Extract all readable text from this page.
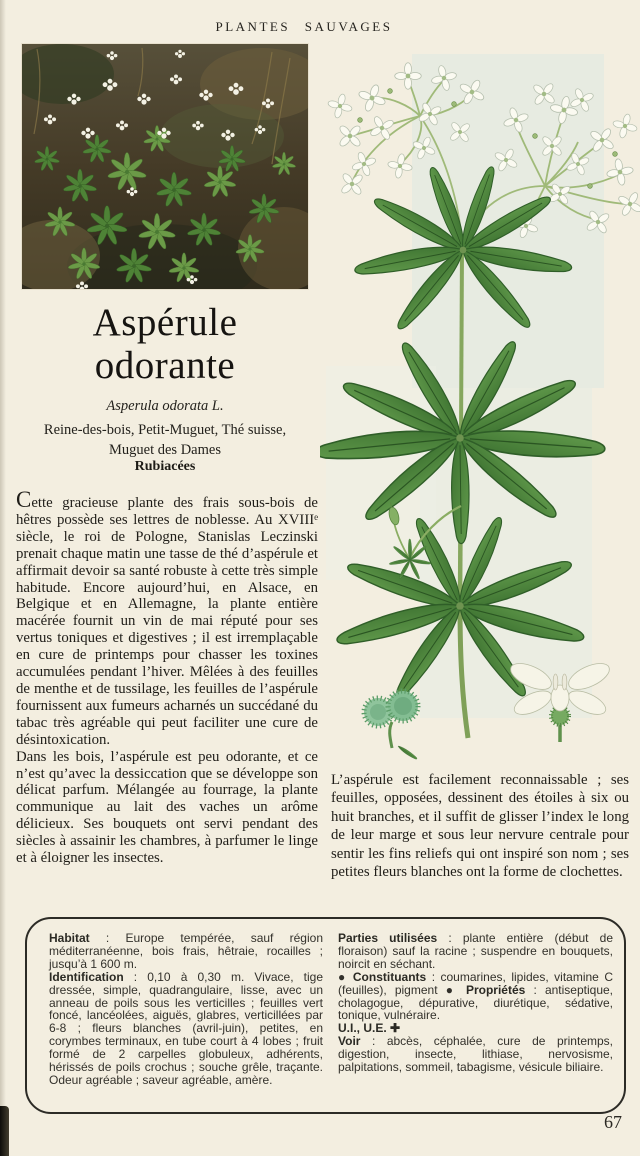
PLANTES SAUVAGES
Aspérule
odorante
Asperula odorata L.
Reine-des-bois, Petit-Muguet, Thé suisse,
Muguet des Dames
Rubiacées

Cette gracieuse plante des frais sous-bois de hêtres possède ses lettres de noblesse. Au XVIIIᵉ siècle, le roi de Pologne, Stanislas Leczinski prenait chaque matin une tasse de thé d’aspérule et affirmait devoir sa santé robuste à cette très simple habitude. Encore aujourd’hui, en Alsace, en Belgique et en Allemagne, la plante entière macérée fournit un vin de mai réputé pour ses vertus toniques et digestives ; il est irremplaçable en cure de printemps pour chasser les toxines accumulées pendant l’hiver. Mêlées à des feuilles de menthe et de tussilage, les feuilles de l’aspérule fournissent aux fumeurs acharnés un succédané du tabac très agréable qui peut faciliter une cure de désintoxication.

Dans les bois, l’aspérule est peu odorante, et ce n’est qu’avec la dessiccation que se développe son délicat parfum. Mélangée au fourrage, la plante communique au lait des vaches un arôme délicieux. Ses bouquets ont servi pendant des siècles à assainir les chambres, à parfumer le linge et à éloigner les insectes.

L’aspérule est facilement reconnaissable ; ses feuilles, opposées, dessinent des étoiles à six ou huit branches, et il suffit de glisser l’index le long de leur marge et sous leur nervure centrale pour sentir les fins reliefs qui ont inspiré son nom ; ses petites fleurs blanches ont la forme de clochettes.

Habitat : Europe tempérée, sauf région méditerranéenne, bois frais, hêtraie, rocailles ; jusqu’à 1 600 m.

Identification : 0,10 à 0,30 m. Vivace, tige dressée, simple, quadrangulaire, lisse, avec un anneau de poils sous les verticilles ; feuilles vert foncé, lancéolées, aiguës, glabres, verticillées par 6-8 ; fleurs blanches (avril-juin), petites, en corymbes terminaux, en tube court à 4 lobes ; fruit formé de 2 carpelles globuleux, adhérents, hérissés de poils crochus ; souche grêle, traçante. Odeur agréable ; saveur agréable, amère.

Parties utilisées : plante entière (début de floraison) sauf la racine ; suspendre en bouquets, noircit en séchant.

● Constituants : coumarines, lipides, vitamine C (feuilles), pigment ● Propriétés : antiseptique, cholagogue, dépurative, diurétique, sédative, tonique, vulnéraire.

U.I., U.E. ✚

Voir : abcès, céphalée, cure de printemps, digestion, insecte, lithiase, nervosisme, palpitations, sommeil, tabagisme, vésicule biliaire.

67
